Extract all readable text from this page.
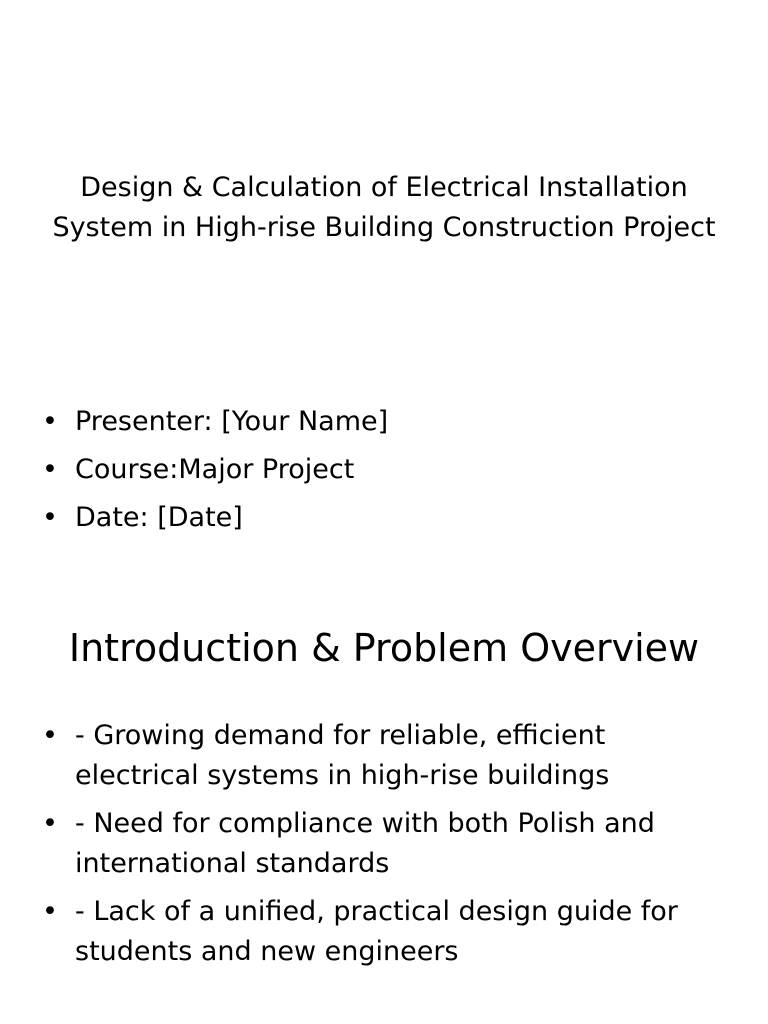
Design & Calculation of Electrical Installation System in High-rise Building Construction Project
• Presenter: [Your Name]
• Course:Major Project
• Date: [Date]
Introduction & Problem Overview
• - Growing demand for reliable, efficient electrical systems in high-rise buildings
• - Need for compliance with both Polish and international standards
• - Lack of a unified, practical design guide for students and new engineers
